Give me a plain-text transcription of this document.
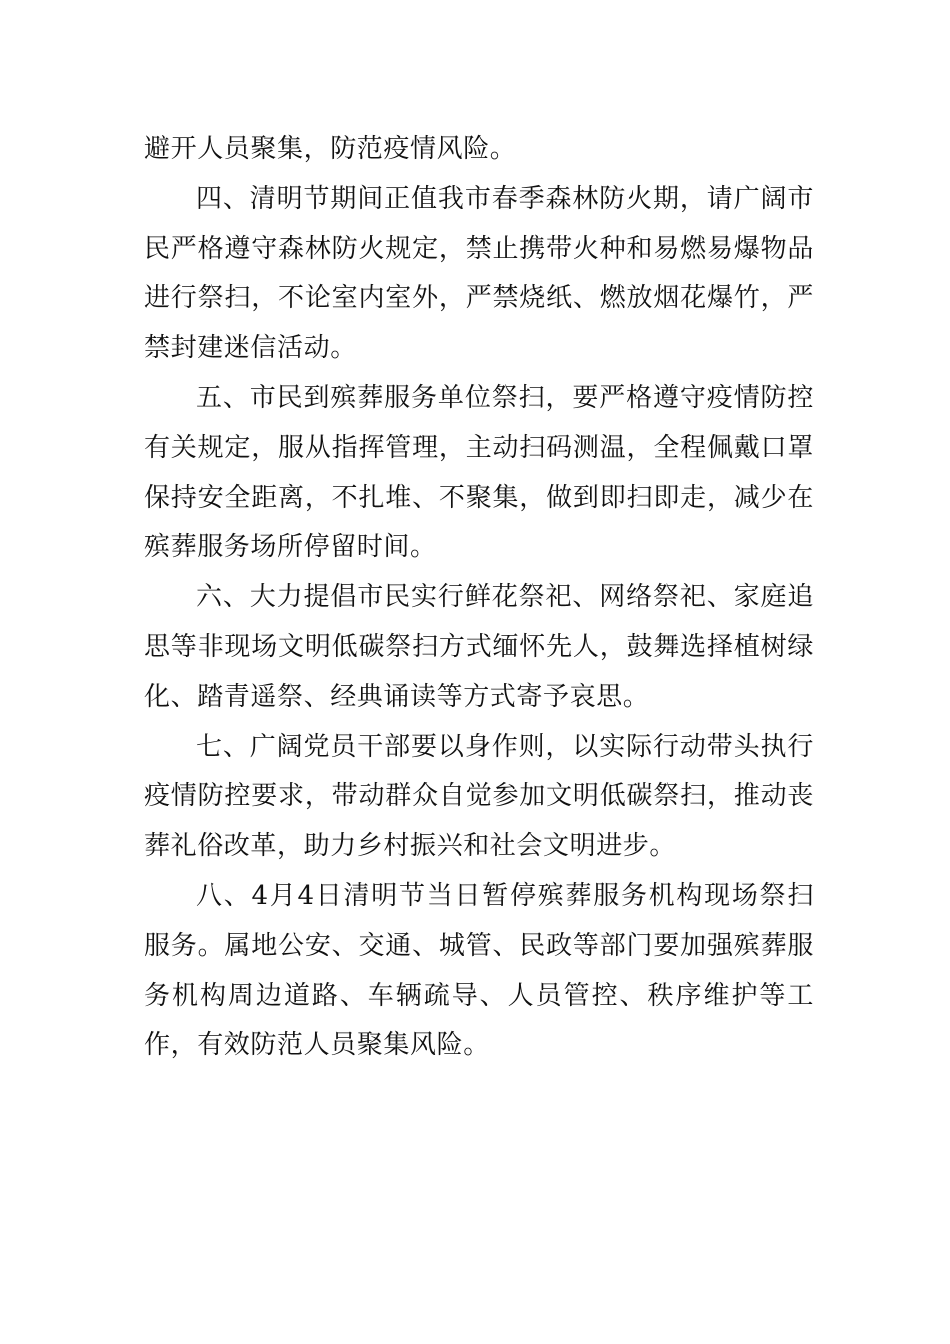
避开人员聚集，防范疫情风险。

四、清明节期间正值我市春季森林防火期，请广阔市民严格遵守森林防火规定，禁止携带火种和易燃易爆物品进行祭扫，不论室内室外，严禁烧纸、燃放烟花爆竹，严禁封建迷信活动。

五、市民到殡葬服务单位祭扫，要严格遵守疫情防控有关规定，服从指挥管理，主动扫码测温，全程佩戴口罩保持安全距离，不扎堆、不聚集，做到即扫即走，减少在殡葬服务场所停留时间。

六、大力提倡市民实行鲜花祭祀、网络祭祀、家庭追思等非现场文明低碳祭扫方式缅怀先人，鼓舞选择植树绿化、踏青遥祭、经典诵读等方式寄予哀思。

七、广阔党员干部要以身作则，以实际行动带头执行疫情防控要求，带动群众自觉参加文明低碳祭扫，推动丧葬礼俗改革，助力乡村振兴和社会文明进步。

八、4月4日清明节当日暂停殡葬服务机构现场祭扫服务。属地公安、交通、城管、民政等部门要加强殡葬服务机构周边道路、车辆疏导、人员管控、秩序维护等工作，有效防范人员聚集风险。
